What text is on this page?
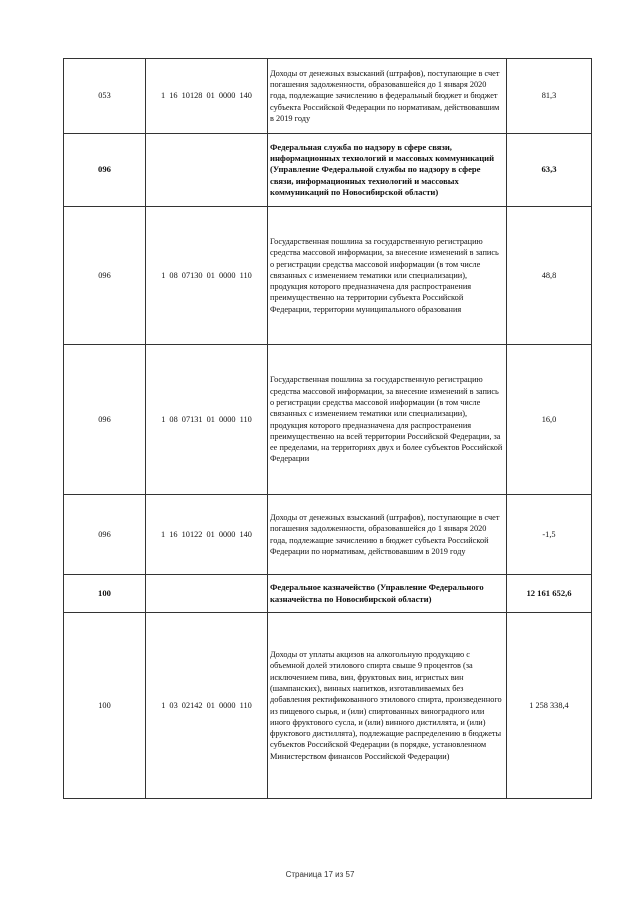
053	1 16 10128 01 0000 140	Доходы от денежных взысканий (штрафов), поступающие в счет погашения задолженности, образовавшейся до 1 января 2020 года, подлежащие зачислению в федеральный бюджет и бюджет субъекта Российской Федерации по нормативам, действовавшим в 2019 году	81,3
096		Федеральная служба по надзору в сфере связи, информационных технологий и массовых коммуникаций (Управление Федеральной службы по надзору в сфере связи, информационных технологий и массовых коммуникаций по Новосибирской области)	63,3
096	1 08 07130 01 0000 110	Государственная пошлина за государственную регистрацию средства массовой информации, за внесение изменений в запись о регистрации средства массовой информации (в том числе связанных с изменением тематики или специализации), продукция которого предназначена для распространения преимущественно на территории субъекта Российской Федерации, территории муниципального образования	48,8
096	1 08 07131 01 0000 110	Государственная пошлина за государственную регистрацию средства массовой информации, за внесение изменений в запись о регистрации средства массовой информации (в том числе связанных с изменением тематики или специализации), продукция которого предназначена для распространения преимущественно на всей территории Российской Федерации, за ее пределами, на территориях двух и более субъектов Российской Федерации	16,0
096	1 16 10122 01 0000 140	Доходы от денежных взысканий (штрафов), поступающие в счет погашения задолженности, образовавшейся до 1 января 2020 года, подлежащие зачислению в бюджет субъекта Российской Федерации по нормативам, действовавшим в 2019 году	-1,5
100		Федеральное казначейство (Управление Федерального казначейства по Новосибирской области)	12 161 652,6
100	1 03 02142 01 0000 110	Доходы от уплаты акцизов на алкогольную продукцию с объемной долей этилового спирта свыше 9 процентов (за исключением пива, вин, фруктовых вин, игристых вин (шампанских), винных напитков, изготавливаемых без добавления ректификованного этилового спирта, произведенного из пищевого сырья, и (или) спиртованных виноградного или иного фруктового сусла, и (или) винного дистиллята, и (или) фруктового дистиллята), подлежащие распределению в бюджеты субъектов Российской Федерации (в порядке, установленном Министерством финансов Российской Федерации)	1 258 338,4
Страница 17 из 57
